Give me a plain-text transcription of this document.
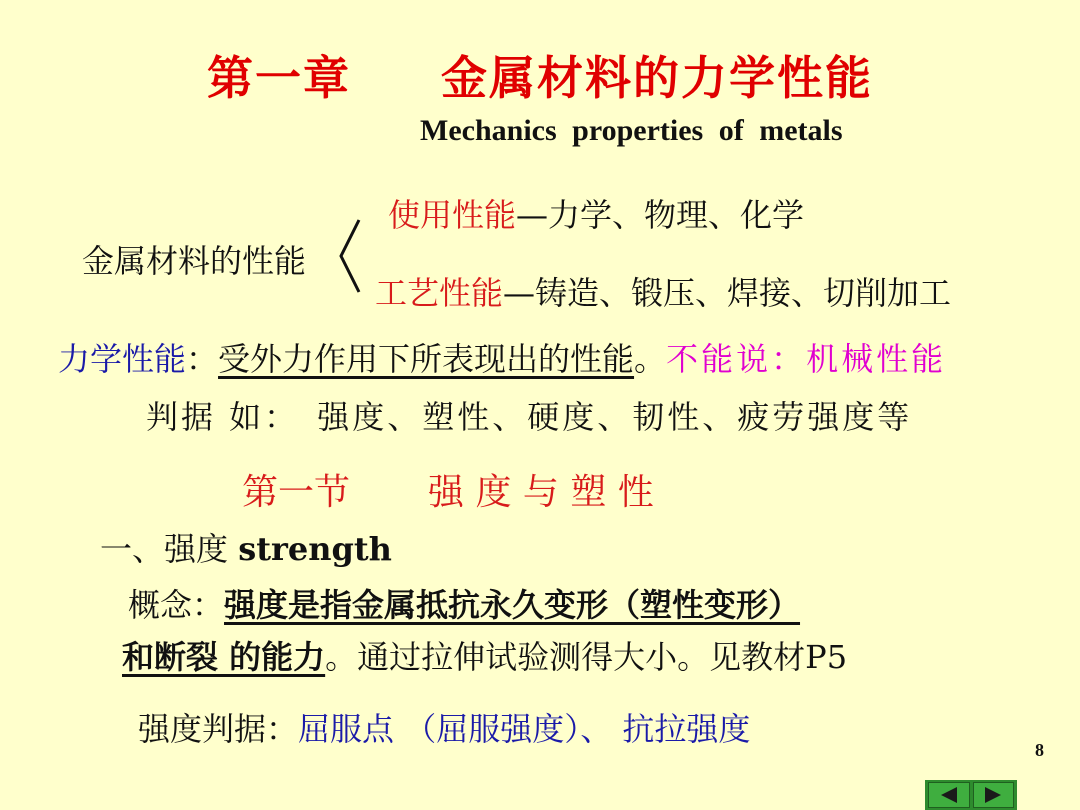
第一章 金属材料的力学性能
Mechanics properties of metals
金属材料的性能
使用性能—力学、物理、化学
工艺性能—铸造、锻压、焊接、切削加工
力学性能：受外力作用下所表现出的性能。不能说：机械性能
判据 如： 强度、塑性、硬度、韧性、疲劳强度等
第一节 强 度 与 塑 性
一、强度 strength
概念：强度是指金属抵抗永久变形（塑性变形）
和断裂 的能力。通过拉伸试验测得大小。见教材P5
强度判据：屈服点 （屈服强度）、 抗拉强度
8
